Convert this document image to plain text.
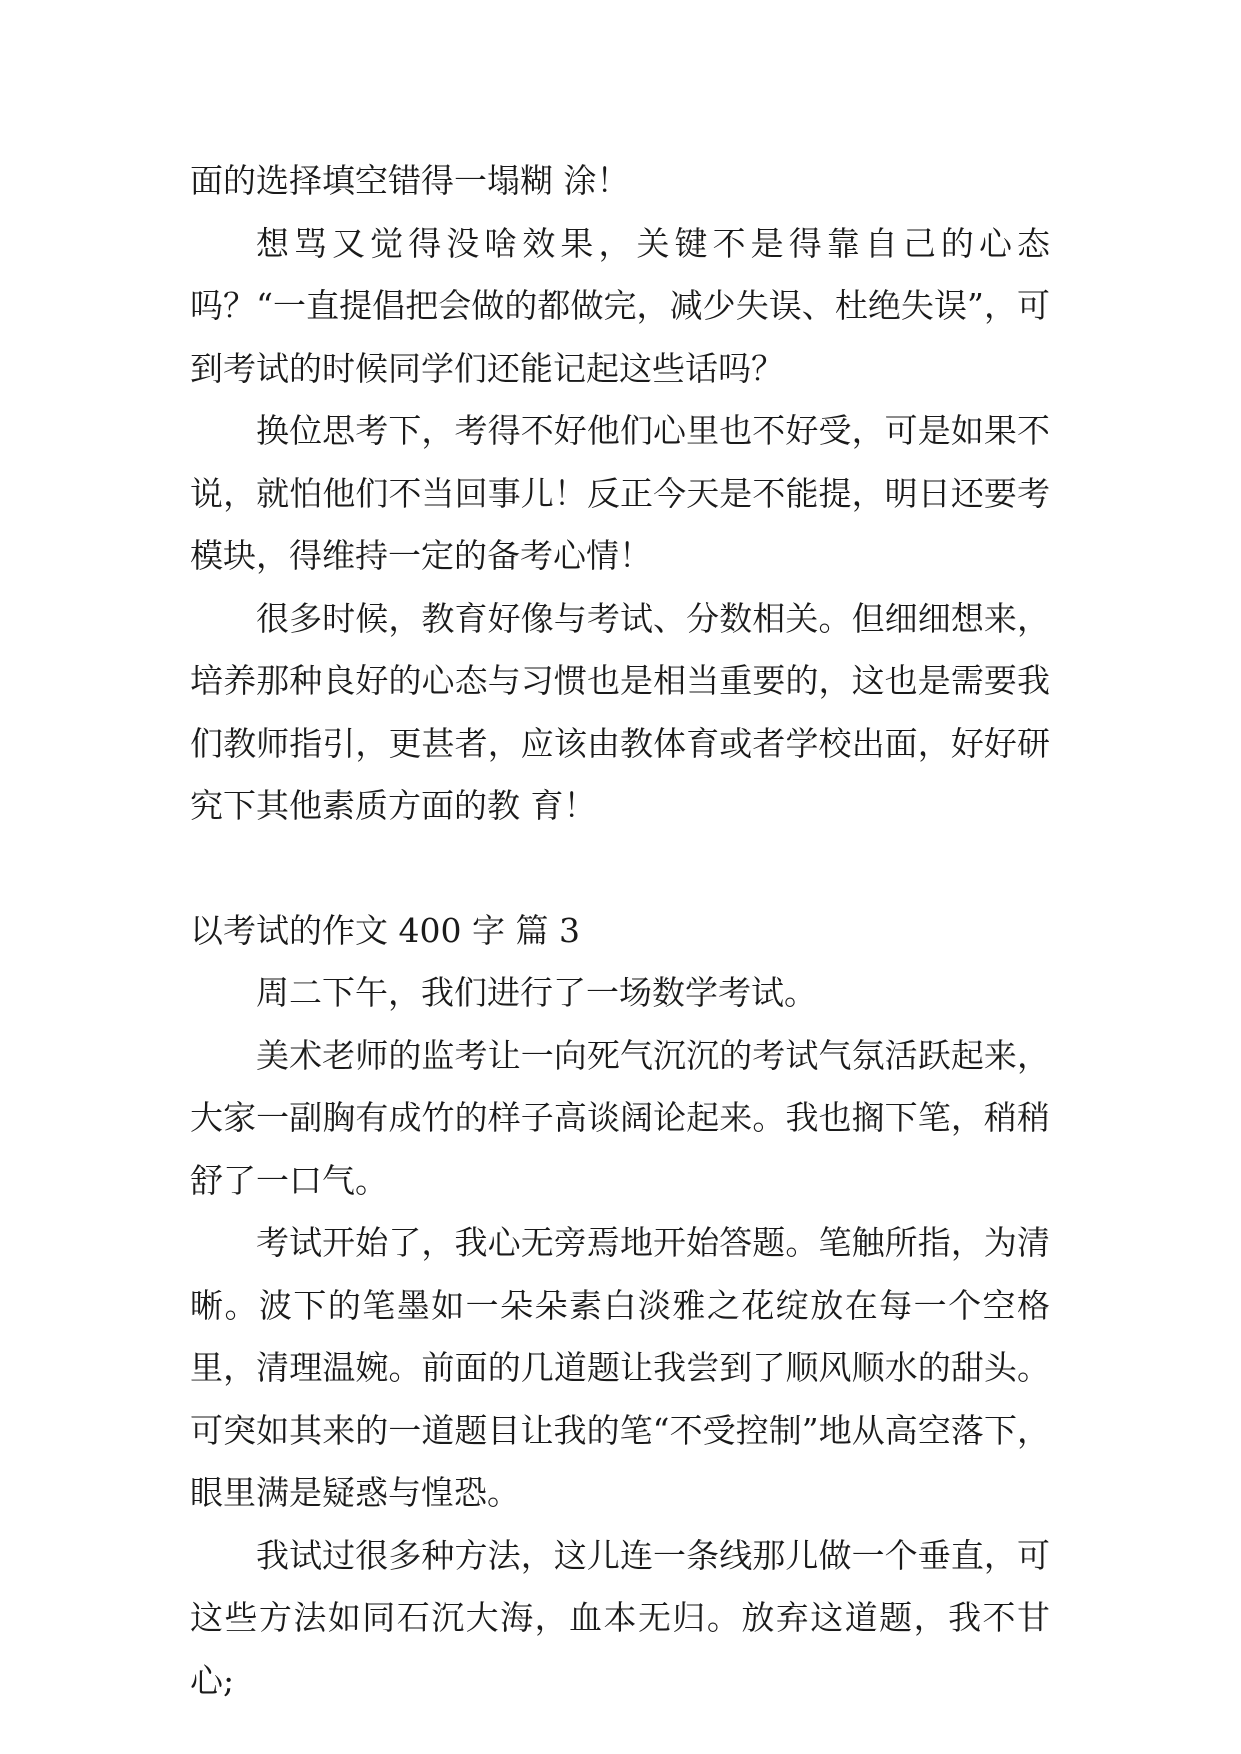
面的选择填空错得一塌糊 涂！

想骂又觉得没啥效果，关键不是得靠自己的心态吗？“一直提倡把会做的都做完，减少失误、杜绝失误”，可到考试的时候同学们还能记起这些话吗？

换位思考下，考得不好他们心里也不好受，可是如果不说，就怕他们不当回事儿！反正今天是不能提，明日还要考模块，得维持一定的备考心情！

很多时候，教育好像与考试、分数相关。但细细想来，培养那种良好的心态与习惯也是相当重要的，这也是需要我们教师指引，更甚者，应该由教体育或者学校出面，好好研究下其他素质方面的教 育！

以考试的作文 400 字 篇 3

周二下午，我们进行了一场数学考试。

美术老师的监考让一向死气沉沉的考试气氛活跃起来，大家一副胸有成竹的样子高谈阔论起来。我也搁下笔，稍稍舒了一口气。

考试开始了，我心无旁焉地开始答题。笔触所指，为清晰。波下的笔墨如一朵朵素白淡雅之花绽放在每一个空格里，清理温婉。前面的几道题让我尝到了顺风顺水的甜头。可突如其来的一道题目让我的笔“不受控制”地从高空落下，眼里满是疑惑与惶恐。

我试过很多种方法，这儿连一条线那儿做一个垂直，可这些方法如同石沉大海，血本无归。放弃这道题，我不甘心;
